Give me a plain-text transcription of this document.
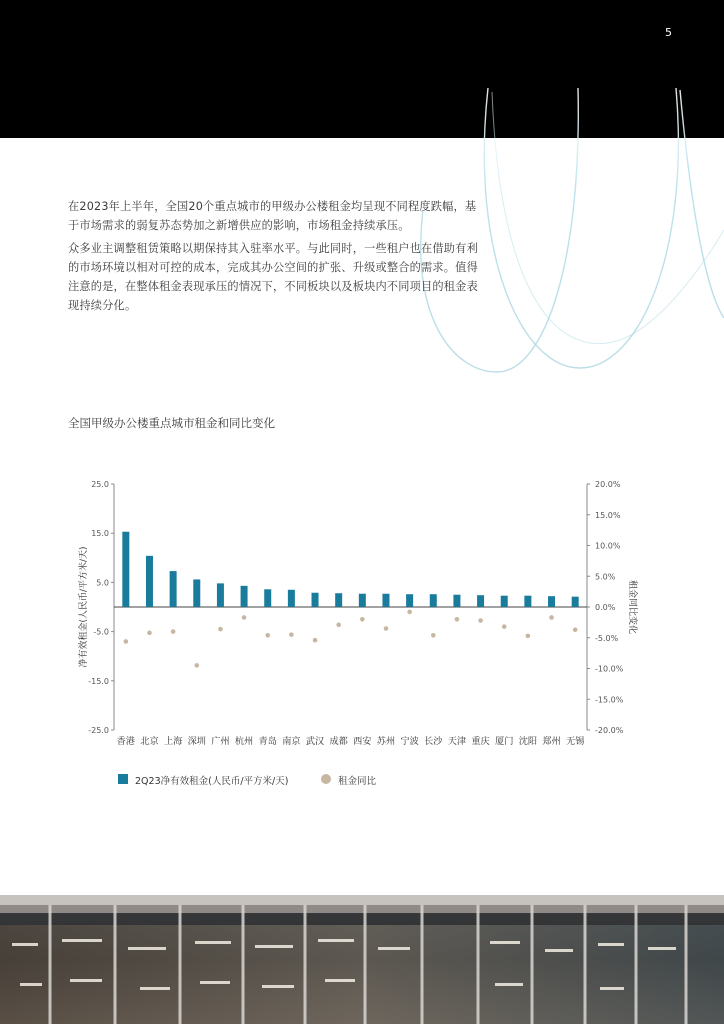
5

在2023年上半年，全国20个重点城市的甲级办公楼租金均呈现不同程度跌幅，基于市场需求的弱复苏态势加之新增供应的影响，市场租金持续承压。

众多业主调整租赁策略以期保持其入驻率水平。与此同时，一些租户也在借助有利的市场环境以相对可控的成本，完成其办公空间的扩张、升级或整合的需求。值得注意的是，在整体租金表现承压的情况下，不同板块以及板块内不同项目的租金表现持续分化。

全国甲级办公楼重点城市租金和同比变化
25.0
15.0
5.0
-5.0
-15.0
-25.0
20.0%
15.0%
10.0%
5.0%
0.0%
-5.0%
-10.0%
-15.0%
-20.0%
香港 北京 上海 深圳 广州 杭州 青岛 南京 武汉 成都 西安 苏州 宁波 长沙 天津 重庆 厦门 沈阳 郑州 无锡
净有效租金(人民币/平方米/天)	租金同比变化
2Q23净有效租金(人民币/平方米/天)	租金同比
